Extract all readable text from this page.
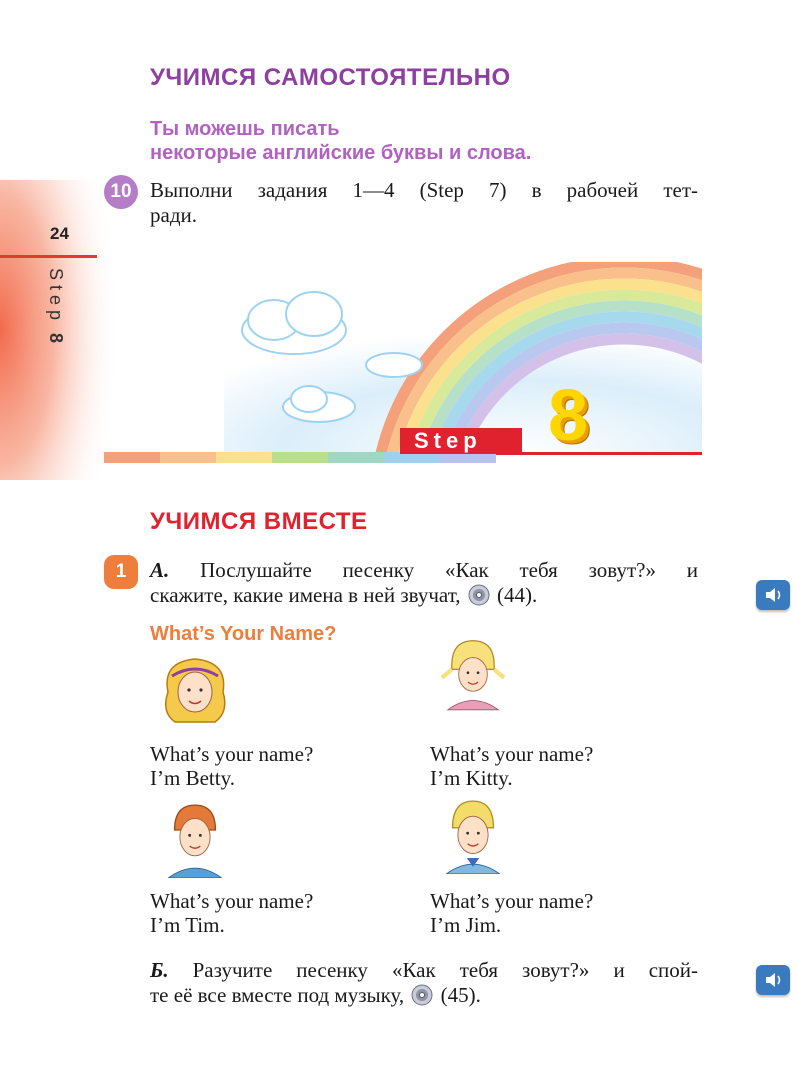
24
Step8
УЧИМСЯ САМОСТОЯТЕЛЬНО
Ты можешь писать
некоторые английские буквы и слова.
10 Выполни задания 1—4 (Step 7) в рабочей тет-
ради.
Step 8
УЧИМСЯ ВМЕСТЕ
1	А. Послушайте песенку «Как тебя зовут?» и
скажите, какие имена в ней звучат, (44).
What’s Your Name?
What’s your name?
I’m Betty.
What’s your name?
I’m Kitty.
What’s your name?
I’m Tim.
What’s your name?
I’m Jim.
Б. Разучите песенку «Как тебя зовут?» и спой-
те её все вместе под музыку, (45).
